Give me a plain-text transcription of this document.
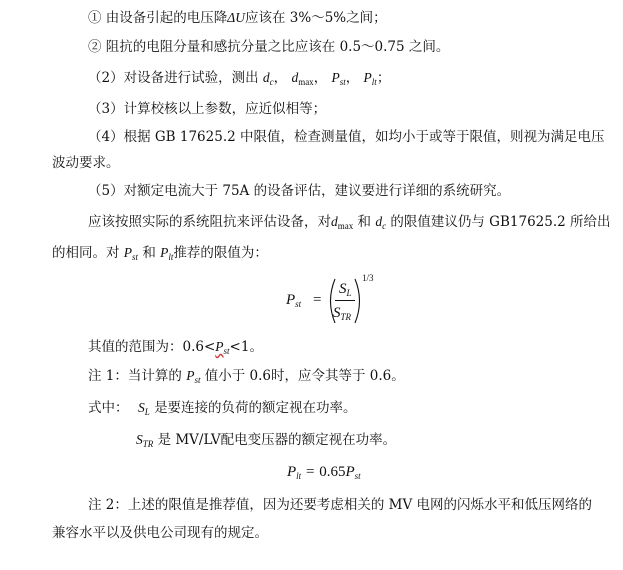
① 由设备引起的电压降ΔU应该在 3%～5%之间；
② 阻抗的电阻分量和感抗分量之比应该在 0.5～0.75 之间。
（2）对设备进行试验，测出 $d_c$， $d_{max}$， $P_{st}$， $P_{lt}$；
（3）计算校核以上参数，应近似相等；
（4）根据 GB 17625.2 中限值，检查测量值，如均小于或等于限值，则视为满足电压
波动要求。
（5）对额定电流大于 75A 的设备评估，建议要进行详细的系统研究。
应该按照实际的系统阻抗来评估设备，对$d_{max}$ 和 $d_c$ 的限值建议仍与 GB17625.2 所给出
的相同。对 $P_{st}$ 和 $P_{lt}$推荐的限值为：
$P_{st}$ =
$S_L$
$S_{TR}$
1/3
其值的范围为：$0.6<P_{st}<1$。
注 1：当计算的 $P_{st}$ 值小于 0.6时，应令其等于 0.6。
式中： $S_L$ 是要连接的负荷的额定视在功率。
$S_{TR}$ 是 MV/LV配电变压器的额定视在功率。
$P_{lt} = 0.65P_{st}$
注 2：上述的限值是推荐值，因为还要考虑相关的 MV 电网的闪烁水平和低压网络的
兼容水平以及供电公司现有的规定。
